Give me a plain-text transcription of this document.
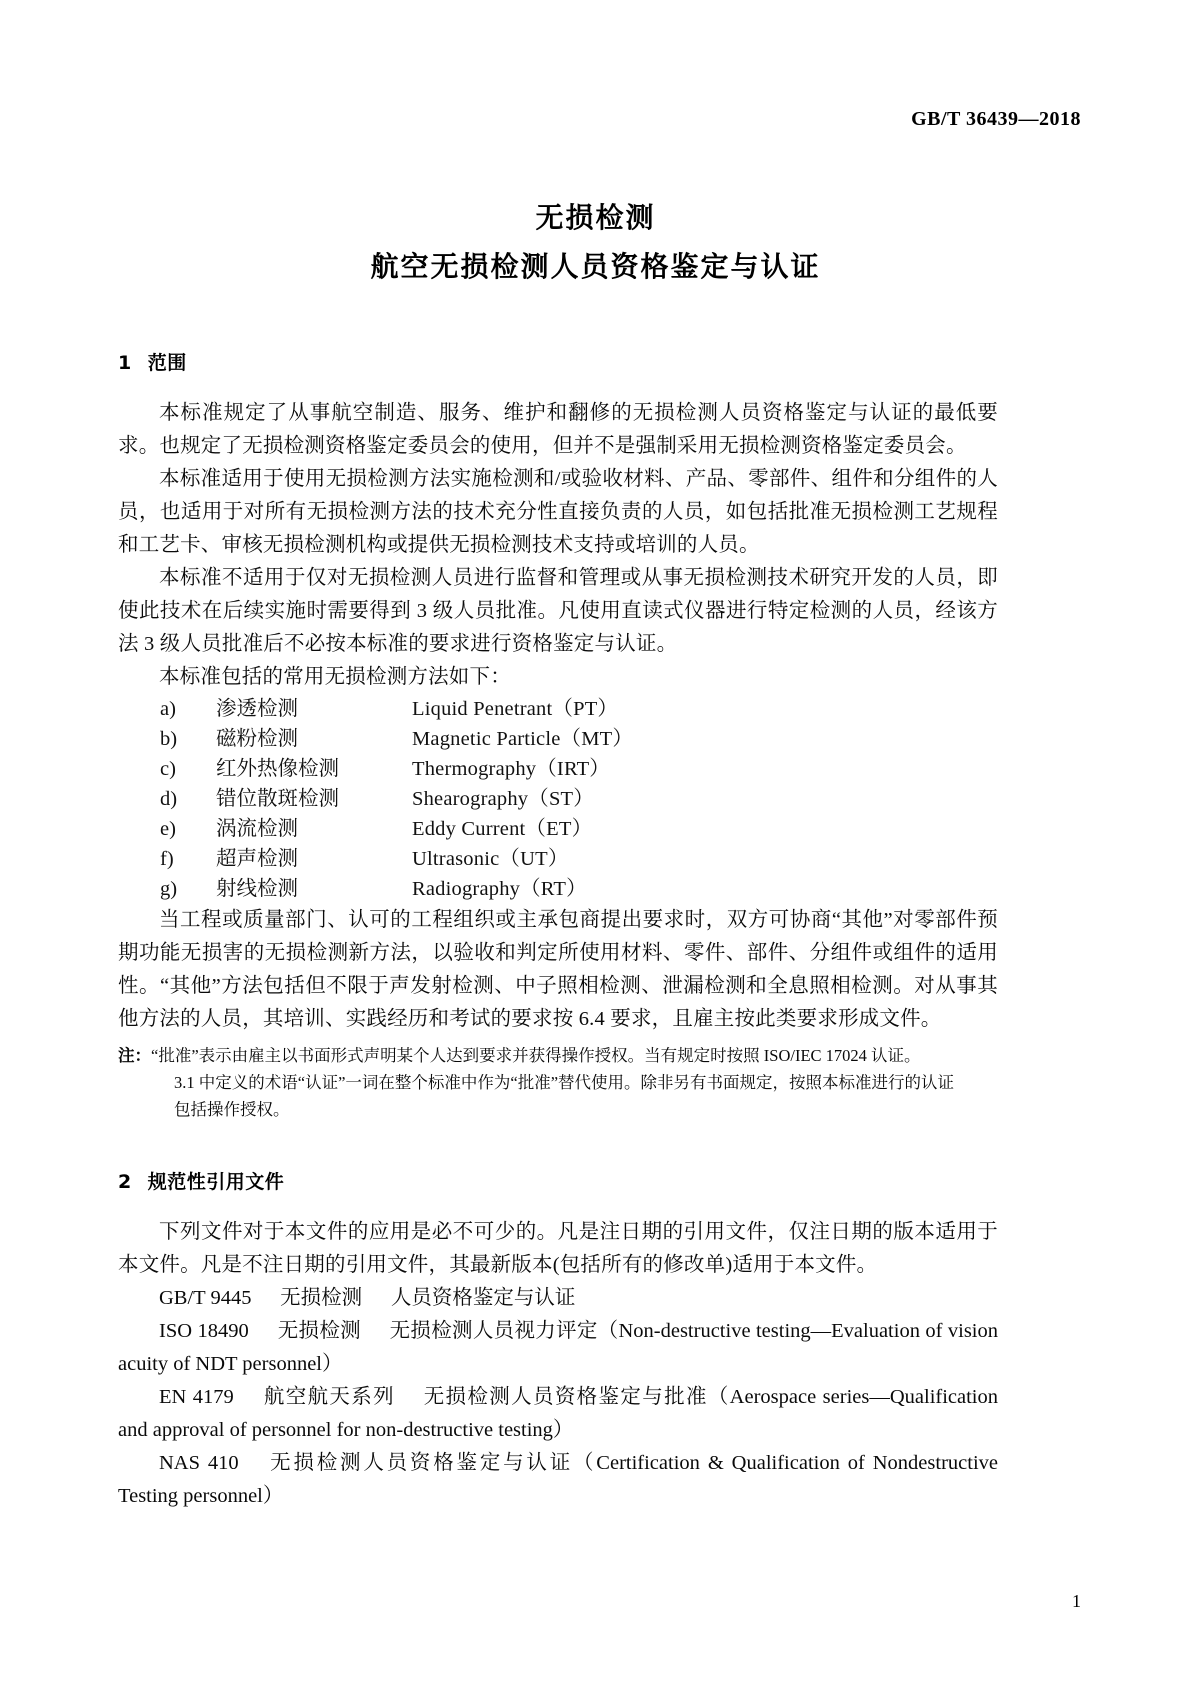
GB/T 36439—2018
无损检测
航空无损检测人员资格鉴定与认证
1 范围

本标准规定了从事航空制造、服务、维护和翻修的无损检测人员资格鉴定与认证的最低要求。也规定了无损检测资格鉴定委员会的使用，但并不是强制采用无损检测资格鉴定委员会。

本标准适用于使用无损检测方法实施检测和/或验收材料、产品、零部件、组件和分组件的人员，也适用于对所有无损检测方法的技术充分性直接负责的人员，如包括批准无损检测工艺规程和工艺卡、审核无损检测机构或提供无损检测技术支持或培训的人员。

本标准不适用于仅对无损检测人员进行监督和管理或从事无损检测技术研究开发的人员，即使此技术在后续实施时需要得到 3 级人员批准。凡使用直读式仪器进行特定检测的人员，经该方法 3 级人员批准后不必按本标准的要求进行资格鉴定与认证。

本标准包括的常用无损检测方法如下：

a)	渗透检测	Liquid Penetrant（PT）
b)	磁粉检测	Magnetic Particle（MT）
c)	红外热像检测	Thermography（IRT）
d)	错位散斑检测	Shearography（ST）
e)	涡流检测	Eddy Current（ET）
f)	超声检测	Ultrasonic（UT）
g)	射线检测	Radiography（RT）

当工程或质量部门、认可的工程组织或主承包商提出要求时，双方可协商“其他”对零部件预期功能无损害的无损检测新方法，以验收和判定所使用材料、零件、部件、分组件或组件的适用性。“其他”方法包括但不限于声发射检测、中子照相检测、泄漏检测和全息照相检测。对从事其他方法的人员，其培训、实践经历和考试的要求按 6.4 要求，且雇主按此类要求形成文件。

注：“批准”表示由雇主以书面形式声明某个人达到要求并获得操作授权。当有规定时按照 ISO/IEC 17024 认证。

3.1 中定义的术语“认证”一词在整个标准中作为“批准”替代使用。除非另有书面规定，按照本标准进行的认证

包括操作授权。

2 规范性引用文件

下列文件对于本文件的应用是必不可少的。凡是注日期的引用文件，仅注日期的版本适用于本文件。凡是不注日期的引用文件，其最新版本(包括所有的修改单)适用于本文件。

GB/T 9445 无损检测 人员资格鉴定与认证

ISO 18490 无损检测 无损检测人员视力评定（Non-destructive testing—Evaluation of vision acuity of NDT personnel）

EN 4179 航空航天系列 无损检测人员资格鉴定与批准（Aerospace series—Qualification and approval of personnel for non-destructive testing）

NAS 410 无损检测人员资格鉴定与认证（Certification & Qualification of Nondestructive Testing personnel）

1
